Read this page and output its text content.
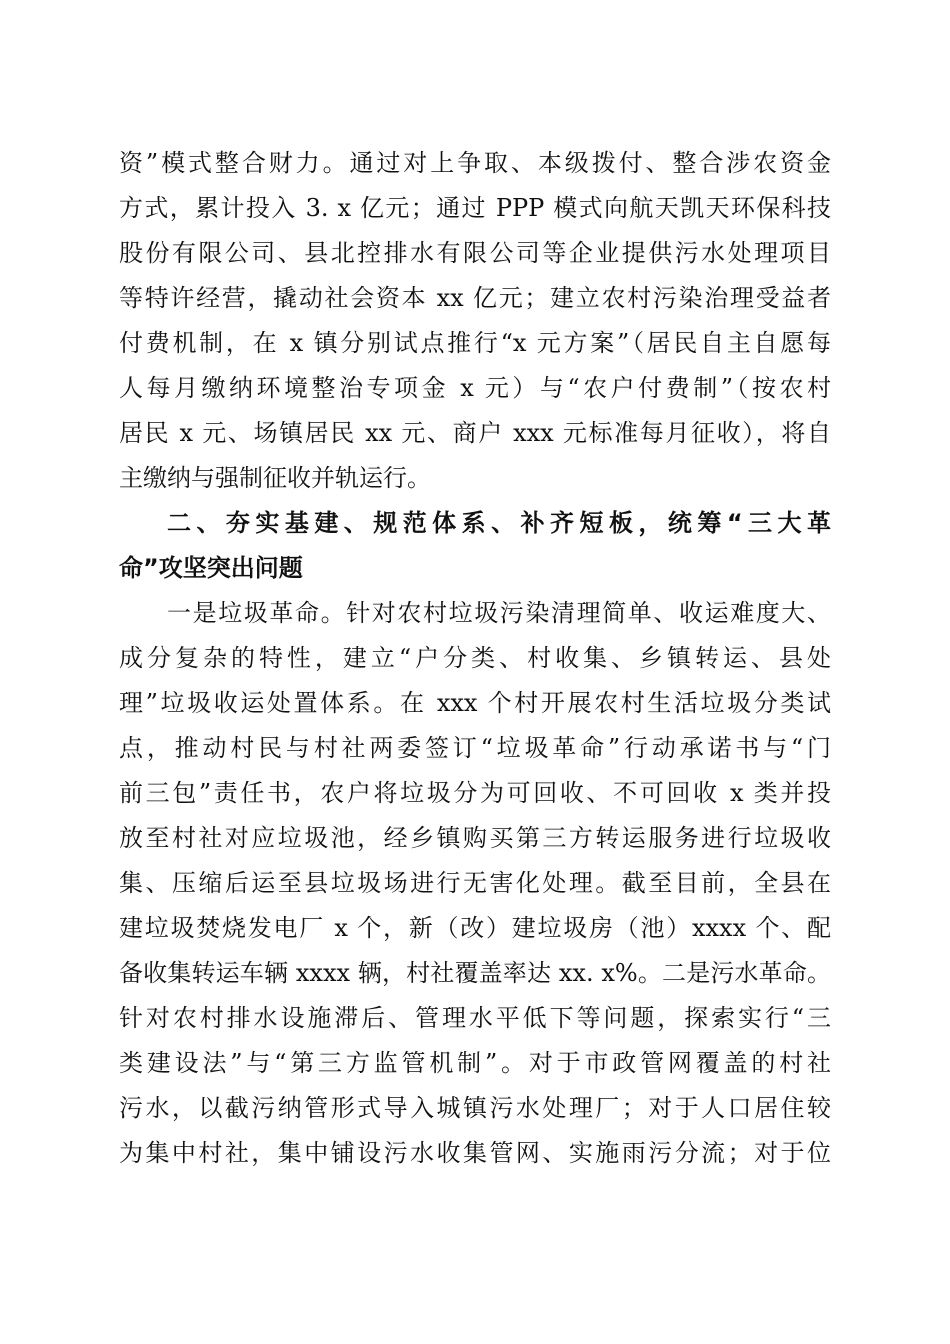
资”模式整合财力。通过对上争取、本级拨付、整合涉农资金
方式，累计投入 3. x 亿元；通过 PPP 模式向航天凯天环保科技
股份有限公司、县北控排水有限公司等企业提供污水处理项目
等特许经营，撬动社会资本 xx 亿元；建立农村污染治理受益者
付费机制，在 x 镇分别试点推行“x 元方案”（居民自主自愿每
人每月缴纳环境整治专项金 x 元）与“农户付费制”（按农村
居民 x 元、场镇居民 xx 元、商户 xxx 元标准每月征收），将自
主缴纳与强制征收并轨运行。
二、夯实基建、规范体系、补齐短板，统筹“三大革
命”攻坚突出问题
一是垃圾革命。针对农村垃圾污染清理简单、收运难度大、
成分复杂的特性，建立“户分类、村收集、乡镇转运、县处
理”垃圾收运处置体系。在 xxx 个村开展农村生活垃圾分类试
点，推动村民与村社两委签订“垃圾革命”行动承诺书与“门
前三包”责任书，农户将垃圾分为可回收、不可回收 x 类并投
放至村社对应垃圾池，经乡镇购买第三方转运服务进行垃圾收
集、压缩后运至县垃圾场进行无害化处理。截至目前，全县在
建垃圾焚烧发电厂 x 个，新（改）建垃圾房（池）xxxx 个、配
备收集转运车辆 xxxx 辆，村社覆盖率达 xx. x%。二是污水革命。
针对农村排水设施滞后、管理水平低下等问题，探索实行“三
类建设法”与“第三方监管机制”。对于市政管网覆盖的村社
污水，以截污纳管形式导入城镇污水处理厂；对于人口居住较
为集中村社，集中铺设污水收集管网、实施雨污分流；对于位
